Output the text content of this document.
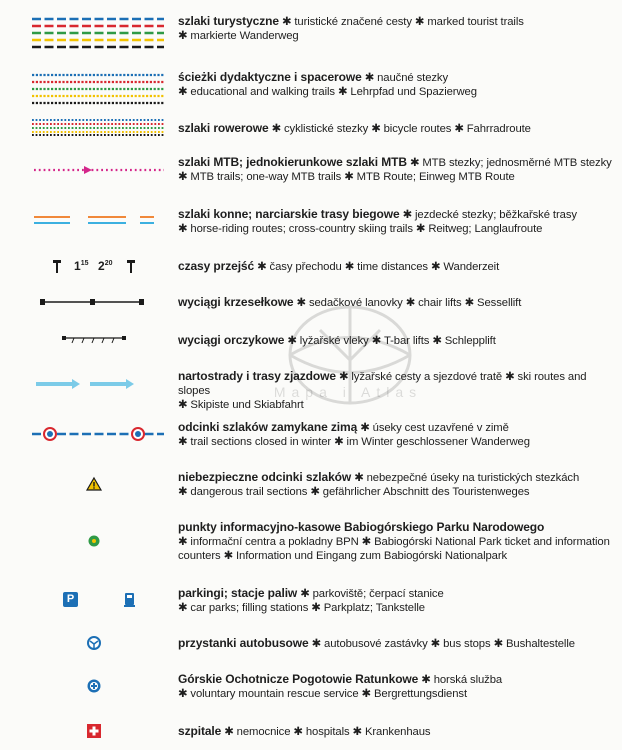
Mapa i Atlas
szlaki turystyczne ✱ turistické značené cesty ✱ marked tourist trails
✱ markierte Wanderweg
ścieżki dydaktyczne i spacerowe ✱ naučné stezky
✱ educational and walking trails ✱ Lehrpfad und Spazierweg
szlaki rowerowe ✱ cyklistické stezky ✱ bicycle routes ✱ Fahrradroute
szlaki MTB; jednokierunkowe szlaki MTB ✱ MTB stezky; jednosměrné MTB stezky
✱ MTB trails; one-way MTB trails ✱ MTB Route; Einweg MTB Route
szlaki konne; narciarskie trasy biegowe ✱ jezdecké stezky; běžkařské trasy
✱ horse-riding routes; cross-country skiing trails ✱ Reitweg; Langlaufroute
$1^{15}$ $2^{20}$	czasy przejść ✱ časy přechodu ✱ time distances ✱ Wanderzeit
wyciągi krzesełkowe ✱ sedačkové lanovky ✱ chair lifts ✱ Sessellift
wyciągi orczykowe ✱ lyžařské vleky ✱ T-bar lifts ✱ Schlepplift
nartostrady i trasy zjazdowe ✱ lyžařské cesty a sjezdové tratě ✱ ski routes and slopes
✱ Skipiste und Skiabfahrt
odcinki szlaków zamykane zimą ✱ úseky cest uzavřené v zimě
✱ trail sections closed in winter ✱ im Winter geschlossener Wanderweg
niebezpieczne odcinki szlaków ✱ nebezpečné úseky na turistických stezkách
✱ dangerous trail sections ✱ gefährlicher Abschnitt des Touristenweges
punkty informacyjno-kasowe Babiogórskiego Parku Narodowego
✱ informační centra a pokladny BPN ✱ Babiogórski National Park ticket and information
counters ✱ Information und Eingang zum Babiogórski Nationalpark
P	parkingi; stacje paliw ✱ parkoviště; čerpací stanice
✱ car parks; filling stations ✱ Parkplatz; Tankstelle
przystanki autobusowe ✱ autobusové zastávky ✱ bus stops ✱ Bushaltestelle
Górskie Ochotnicze Pogotowie Ratunkowe ✱ horská služba
✱ voluntary mountain rescue service ✱ Bergrettungsdienst
szpitale ✱ nemocnice ✱ hospitals ✱ Krankenhaus
